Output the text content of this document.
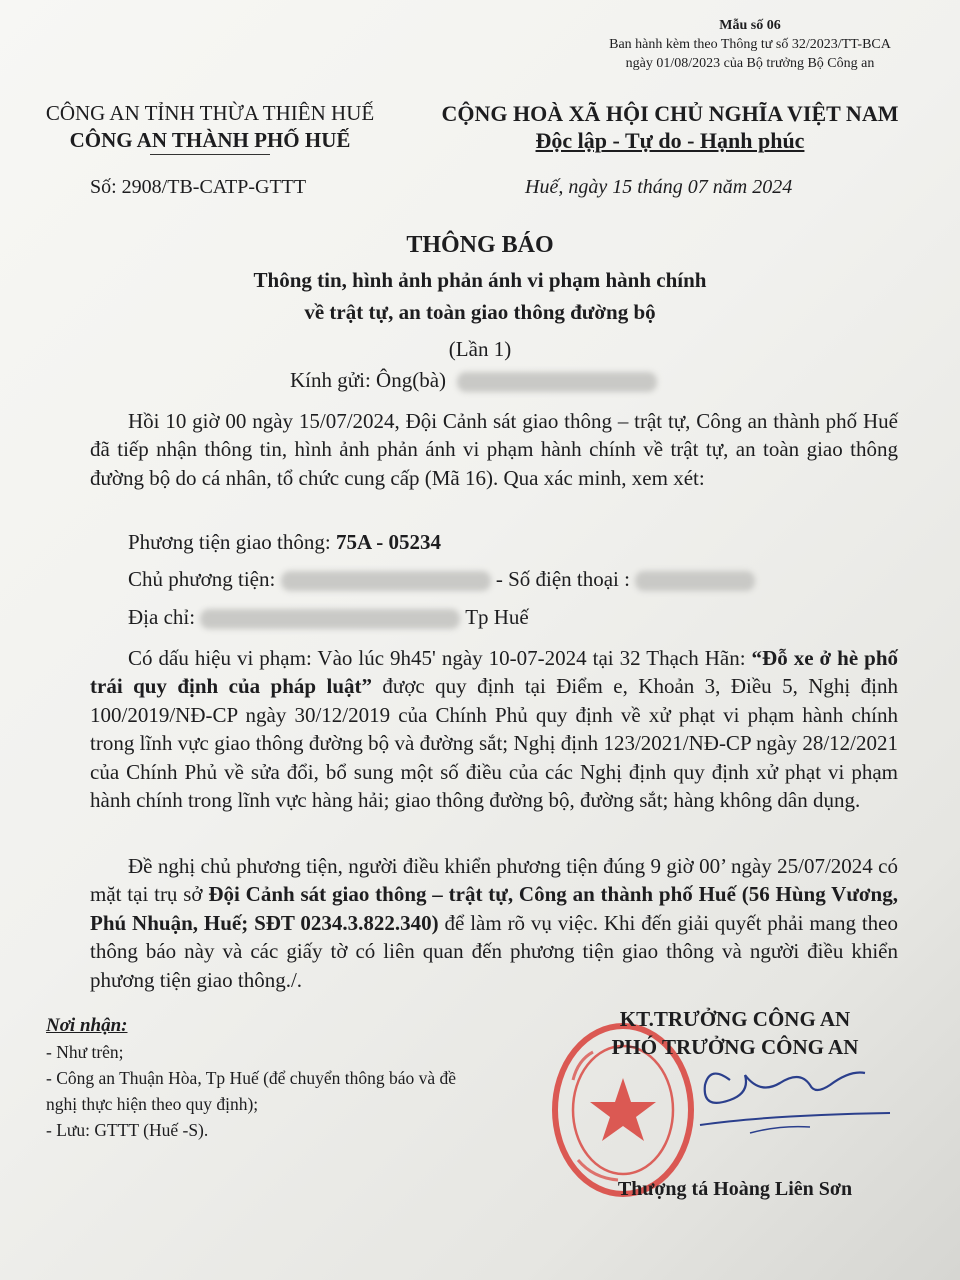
Mẫu số 06
Ban hành kèm theo Thông tư số 32/2023/TT-BCA
ngày 01/08/2023 của Bộ trưởng Bộ Công an
CÔNG AN TỈNH THỪA THIÊN HUẾ
CÔNG AN THÀNH PHỐ HUẾ
CỘNG HOÀ XÃ HỘI CHỦ NGHĨA VIỆT NAM
Độc lập - Tự do - Hạnh phúc
Số: 2908/TB-CATP-GTTT	Huế, ngày 15 tháng 07 năm 2024
THÔNG BÁO
Thông tin, hình ảnh phản ánh vi phạm hành chính
về trật tự, an toàn giao thông đường bộ
(Lần 1)
Kính gửi: Ông(bà)
Hồi 10 giờ 00 ngày 15/07/2024, Đội Cảnh sát giao thông – trật tự, Công an thành phố Huế đã tiếp nhận thông tin, hình ảnh phản ánh vi phạm hành chính về trật tự, an toàn giao thông đường bộ do cá nhân, tổ chức cung cấp (Mã 16). Qua xác minh, xem xét:
Phương tiện giao thông: 75A - 05234
Chủ phương tiện:	- Số điện thoại :
Địa chỉ:	Tp Huế
Có dấu hiệu vi phạm: Vào lúc 9h45' ngày 10-07-2024 tại 32 Thạch Hãn: “Đỗ xe ở hè phố trái quy định của pháp luật” được quy định tại Điểm e, Khoản 3, Điều 5, Nghị định 100/2019/NĐ-CP ngày 30/12/2019 của Chính Phủ quy định về xử phạt vi phạm hành chính trong lĩnh vực giao thông đường bộ và đường sắt; Nghị định 123/2021/NĐ-CP ngày 28/12/2021 của Chính Phủ về sửa đổi, bổ sung một số điều của các Nghị định quy định xử phạt vi phạm hành chính trong lĩnh vực hàng hải; giao thông đường bộ, đường sắt; hàng không dân dụng.
Đề nghị chủ phương tiện, người điều khiển phương tiện đúng 9 giờ 00’ ngày 25/07/2024 có mặt tại trụ sở Đội Cảnh sát giao thông – trật tự, Công an thành phố Huế (56 Hùng Vương, Phú Nhuận, Huế; SĐT 0234.3.822.340) để làm rõ vụ việc. Khi đến giải quyết phải mang theo thông báo này và các giấy tờ có liên quan đến phương tiện giao thông và người điều khiển phương tiện giao thông./.
Nơi nhận:
- Như trên;
- Công an Thuận Hòa, Tp Huế (để chuyển thông báo và đề nghị thực hiện theo quy định);
- Lưu: GTTT (Huế -S).
KT.TRƯỞNG CÔNG AN
PHÓ TRƯỞNG CÔNG AN
Thượng tá Hoàng Liên Sơn
